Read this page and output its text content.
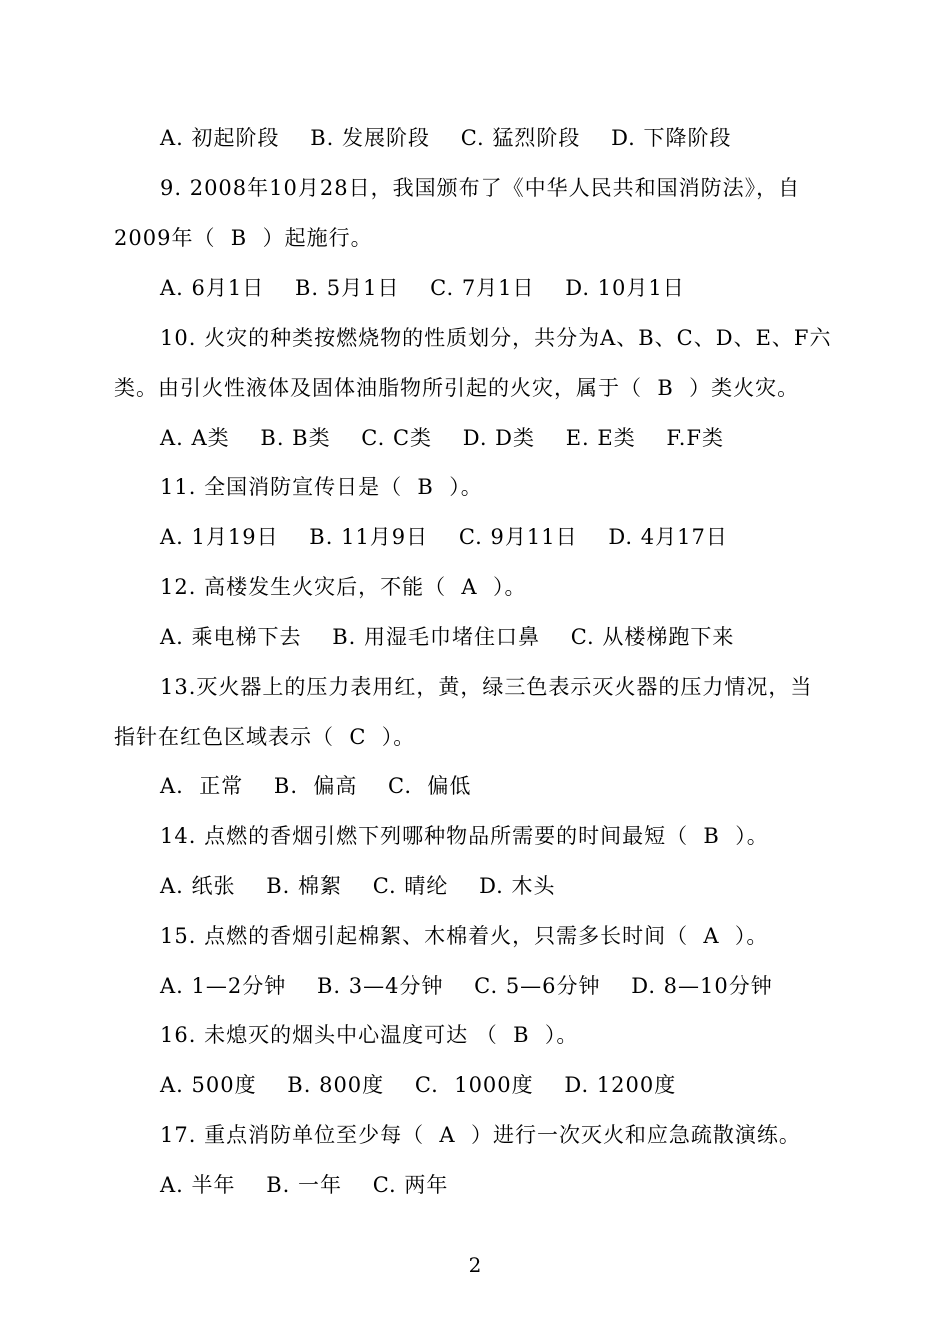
A. 初起阶段    B. 发展阶段    C. 猛烈阶段    D. 下降阶段
9. 2008年10月28日，我国颁布了《中华人民共和国消防法》，自
2009年（  B  ）起施行。
A. 6月1日    B. 5月1日    C. 7月1日    D. 10月1日
10. 火灾的种类按燃烧物的性质划分，共分为A、B、C、D、E、F六
类。由引火性液体及固体油脂物所引起的火灾，属于（  B  ）类火灾。
A. A类    B. B类    C. C类    D. D类    E. E类    F.F类
11. 全国消防宣传日是（  B  ）。
A. 1月19日    B. 11月9日    C. 9月11日    D. 4月17日
12. 高楼发生火灾后，不能（  A  ）。
A. 乘电梯下去    B. 用湿毛巾堵住口鼻    C. 从楼梯跑下来
13.灭火器上的压力表用红，黄，绿三色表示灭火器的压力情况，当
指针在红色区域表示（  C  ）。
A.  正常    B.  偏高    C.  偏低
14. 点燃的香烟引燃下列哪种物品所需要的时间最短（  B  ）。
A. 纸张    B. 棉絮    C. 晴纶    D. 木头
15. 点燃的香烟引起棉絮、木棉着火，只需多长时间（  A  ）。
A. 1—2分钟    B. 3—4分钟    C. 5—6分钟    D. 8—10分钟
16. 未熄灭的烟头中心温度可达 （  B  ）。
A. 500度    B. 800度    C.  1000度    D. 1200度
17. 重点消防单位至少每（  A  ）进行一次灭火和应急疏散演练。
A. 半年    B. 一年    C. 两年
2
